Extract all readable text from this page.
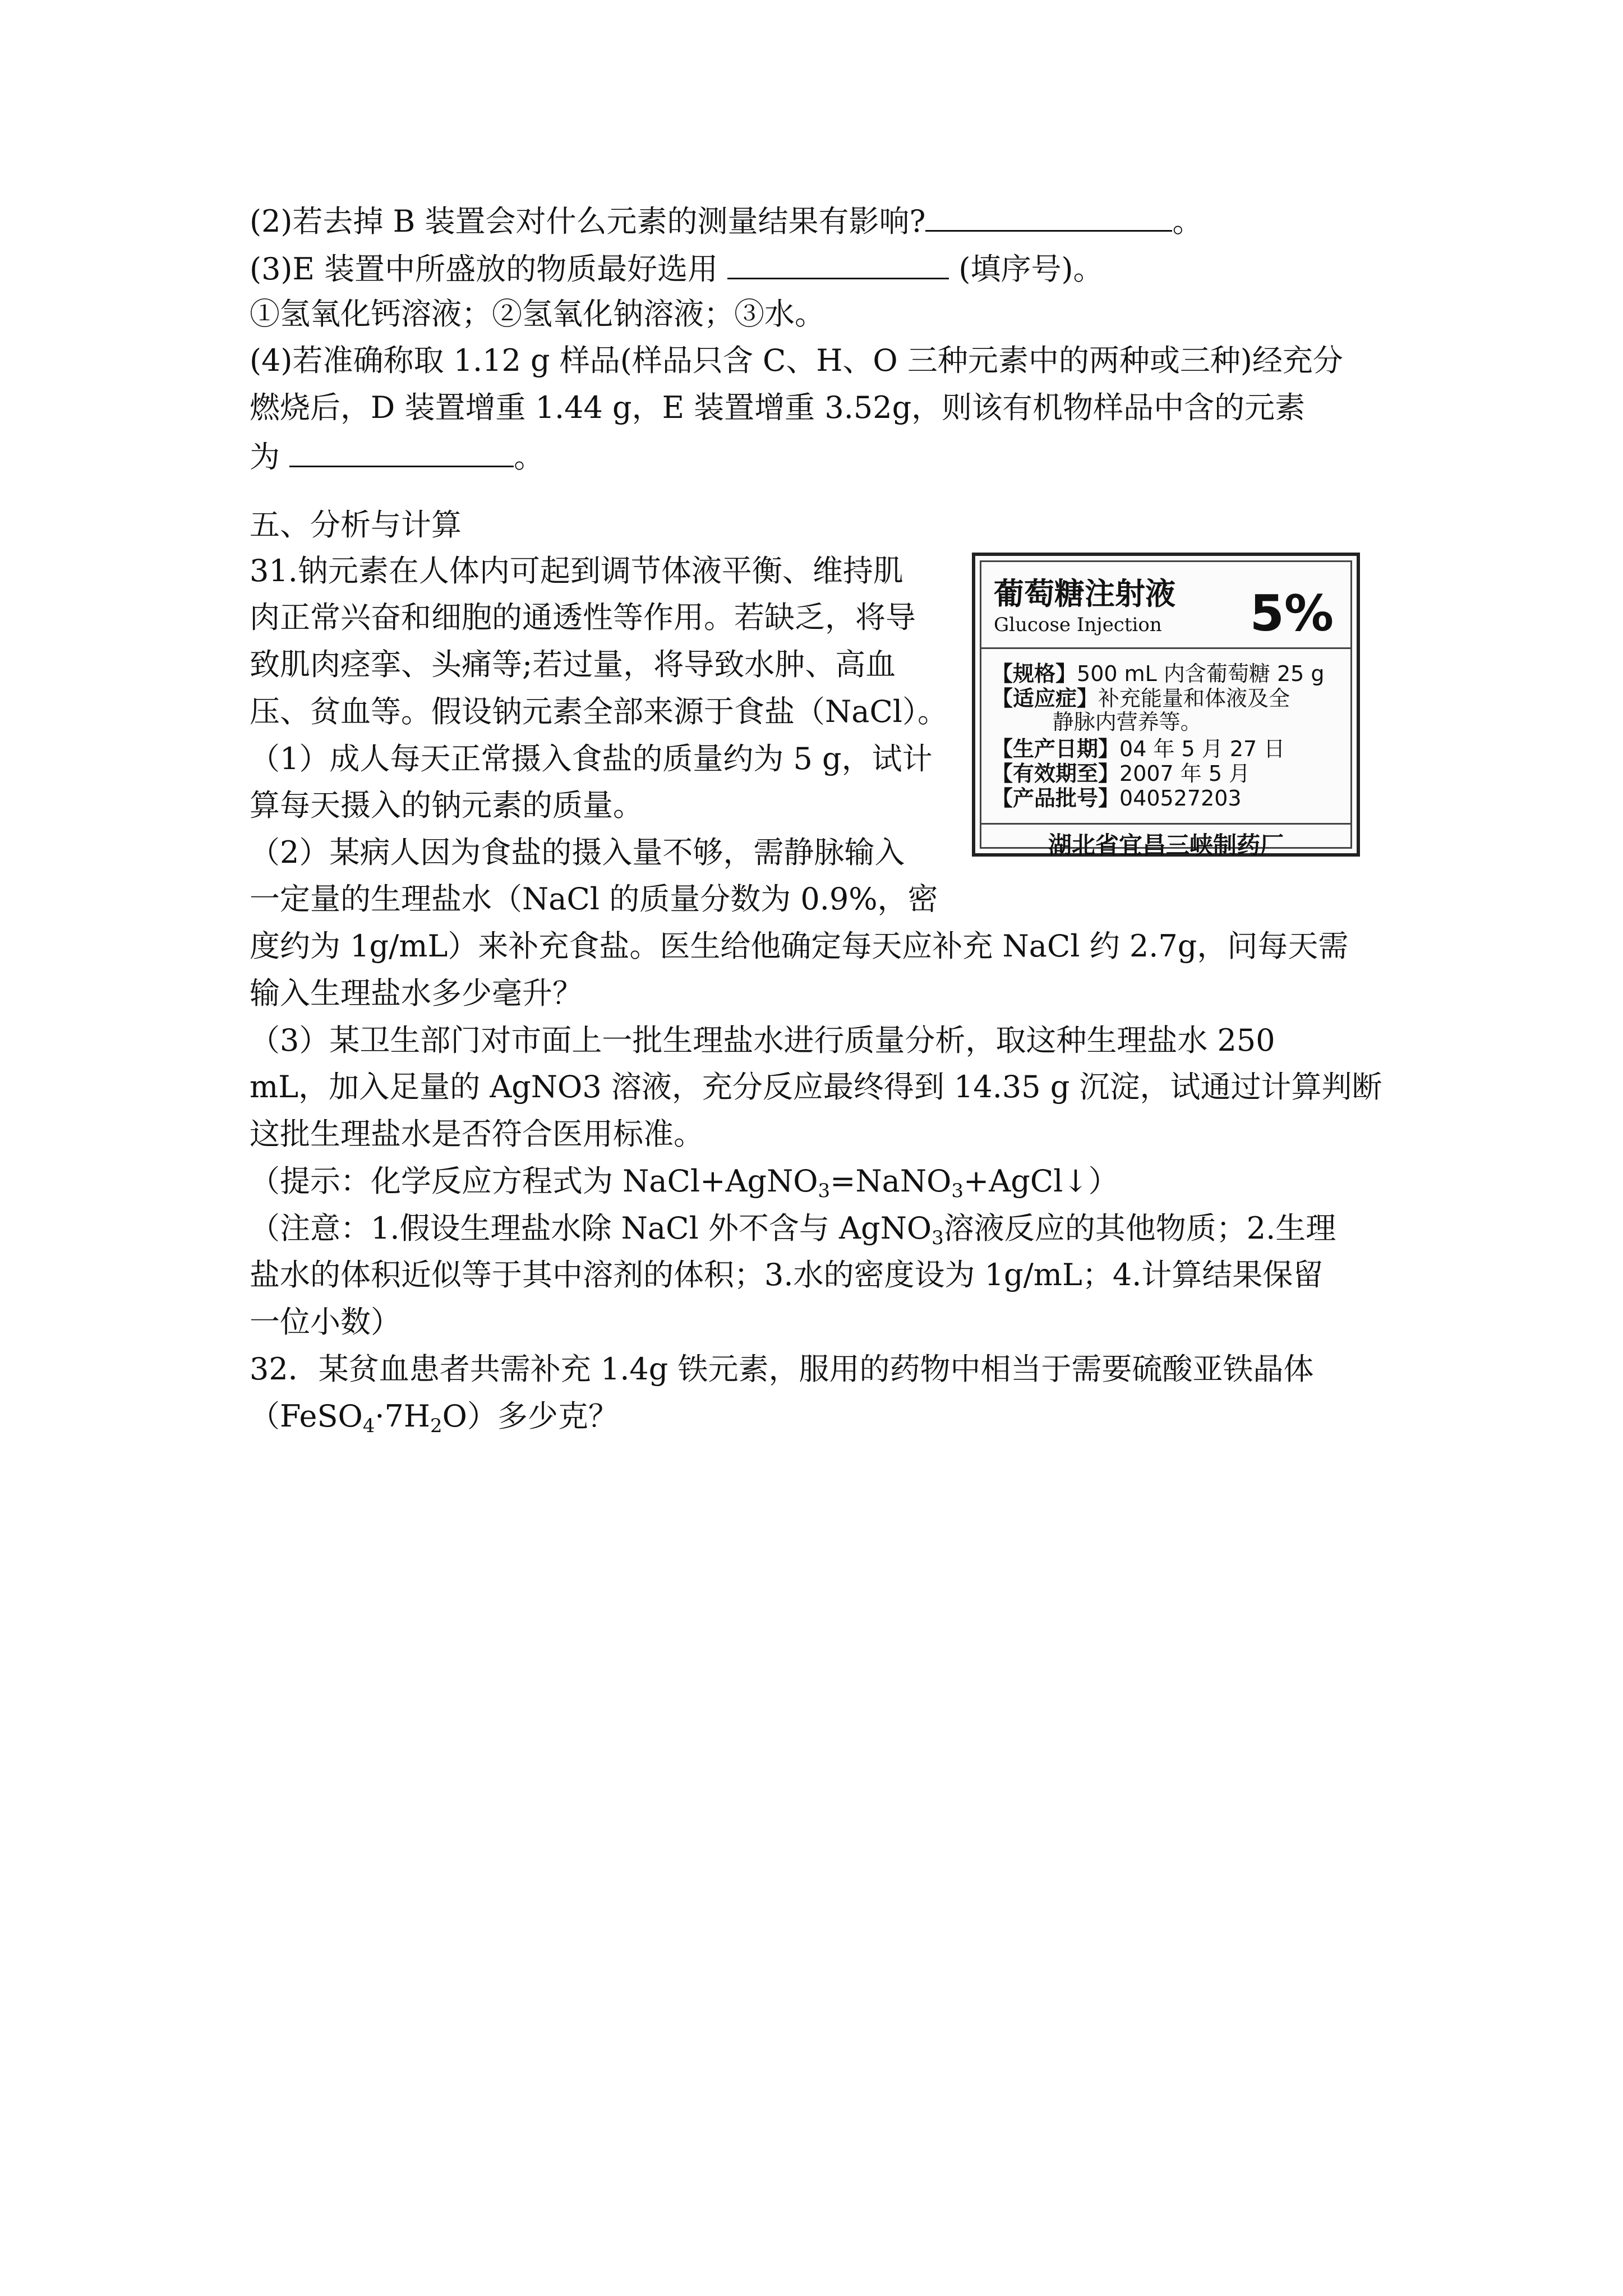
(2)若去掉 B 装置会对什么元素的测量结果有影响?	。
(3)E 装置中所盛放的物质最好选用	(填序号)。
①氢氧化钙溶液；②氢氧化钠溶液；③水。
(4)若准确称取 1.12 g 样品(样品只含 C、H、O 三种元素中的两种或三种)经充分
燃烧后，D 装置增重 1.44 g，E 装置增重 3.52g，则该有机物样品中含的元素
为	。
五、分析与计算
31.钠元素在人体内可起到调节体液平衡、维持肌
肉正常兴奋和细胞的通透性等作用。若缺乏，将导
致肌肉痉挛、头痛等;若过量，将导致水肿、高血
压、贫血等。假设钠元素全部来源于食盐（NaCl）。
（1）成人每天正常摄入食盐的质量约为 5 g，试计
算每天摄入的钠元素的质量。
（2）某病人因为食盐的摄入量不够，需静脉输入
一定量的生理盐水（NaCl 的质量分数为 0.9%，密
度约为 1g/mL）来补充食盐。医生给他确定每天应补充 NaCl 约 2.7g，问每天需
输入生理盐水多少毫升？
（3）某卫生部门对市面上一批生理盐水进行质量分析，取这种生理盐水 250
mL，加入足量的 AgNO3 溶液，充分反应最终得到 14.35 g 沉淀，试通过计算判断
这批生理盐水是否符合医用标准。
（提示：化学反应方程式为 NaCl+AgNO$_3$=NaNO$_3$+AgCl↓）
（注意：1.假设生理盐水除 NaCl 外不含与 AgNO$_3$溶液反应的其他物质；2.生理
盐水的体积近似等于其中溶剂的体积；3.水的密度设为 1g/mL；4.计算结果保留
一位小数）
32．某贫血患者共需补充 1.4g 铁元素，服用的药物中相当于需要硫酸亚铁晶体
$(FeSO_4\cdot 7H_2O)$多少克？
葡萄糖注射液 5%
Glucose Injection
【规格】500 mL 内含葡萄糖 25 g
【适应症】补充能量和体液及全
静脉内营养等。
【生产日期】04 年 5 月 27 日
【有效期至】2007 年 5 月
【产品批号】040527203
湖北省宜昌三峡制药厂
